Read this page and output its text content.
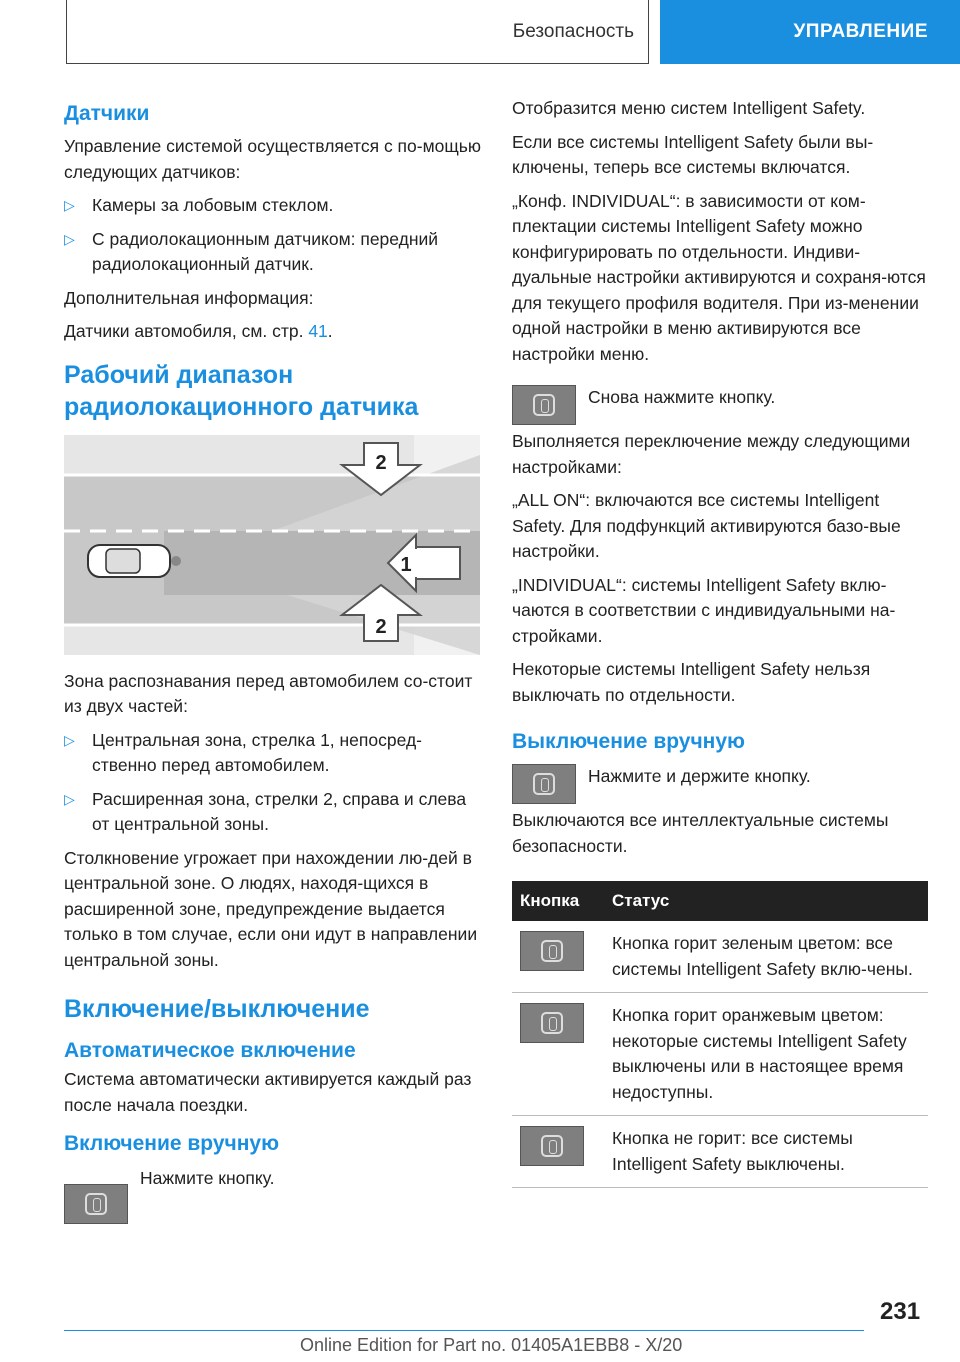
Безопасность	УПРАВЛЕНИЕ
Датчики

Управление системой осуществляется с по-мощью следующих датчиков:

▷ Камеры за лобовым стеклом.
▷ С радиолокационным датчиком: передний радиолокационный датчик.

Дополнительная информация:

Датчики автомобиля, см. стр. 41.

Рабочий диапазон радиолокационного датчика
2
1
2

Зона распознавания перед автомобилем со-стоит из двух частей:

▷ Центральная зона, стрелка 1, непосред-ственно перед автомобилем.
▷ Расширенная зона, стрелки 2, справа и слева от центральной зоны.

Столкновение угрожает при нахождении лю-дей в центральной зоне. О людях, находя-щихся в расширенной зоне, предупреждение выдается только в том случае, если они идут в направлении центральной зоны.

Включение/выключение
Автоматическое включение

Система автоматически активируется каждый раз после начала поездки.

Включение вручную
Нажмите кнопку.

Отобразится меню систем Intelligent Safety.

Если все системы Intelligent Safety были вы-ключены, теперь все системы включатся.

„Конф. INDIVIDUAL“: в зависимости от ком-плектации системы Intelligent Safety можно конфигурировать по отдельности. Индиви-дуальные настройки активируются и сохраня-ются для текущего профиля водителя. При из-менении одной настройки в меню активируются все настройки меню.

Снова нажмите кнопку.

Выполняется переключение между следующими настройками:

„ALL ON“: включаются все системы Intelligent Safety. Для подфункций активируются базо-вые настройки.

„INDIVIDUAL“: системы Intelligent Safety вклю-чаются в соответствии с индивидуальными на-стройками.

Некоторые системы Intelligent Safety нельзя выключать по отдельности.

Выключение вручную
Нажмите и держите кнопку.

Выключаются все интеллектуальные системы безопасности.

Кнопка	Статус

	Кнопка горит зеленым цветом: все системы Intelligent Safety вклю-чены.

	Кнопка горит оранжевым цветом: некоторые системы Intelligent Safety выключены или в настоящее время недоступны.

	Кнопка не горит: все системы Intelligent Safety выключены.
231
Online Edition for Part no. 01405A1EBB8 - X/20
